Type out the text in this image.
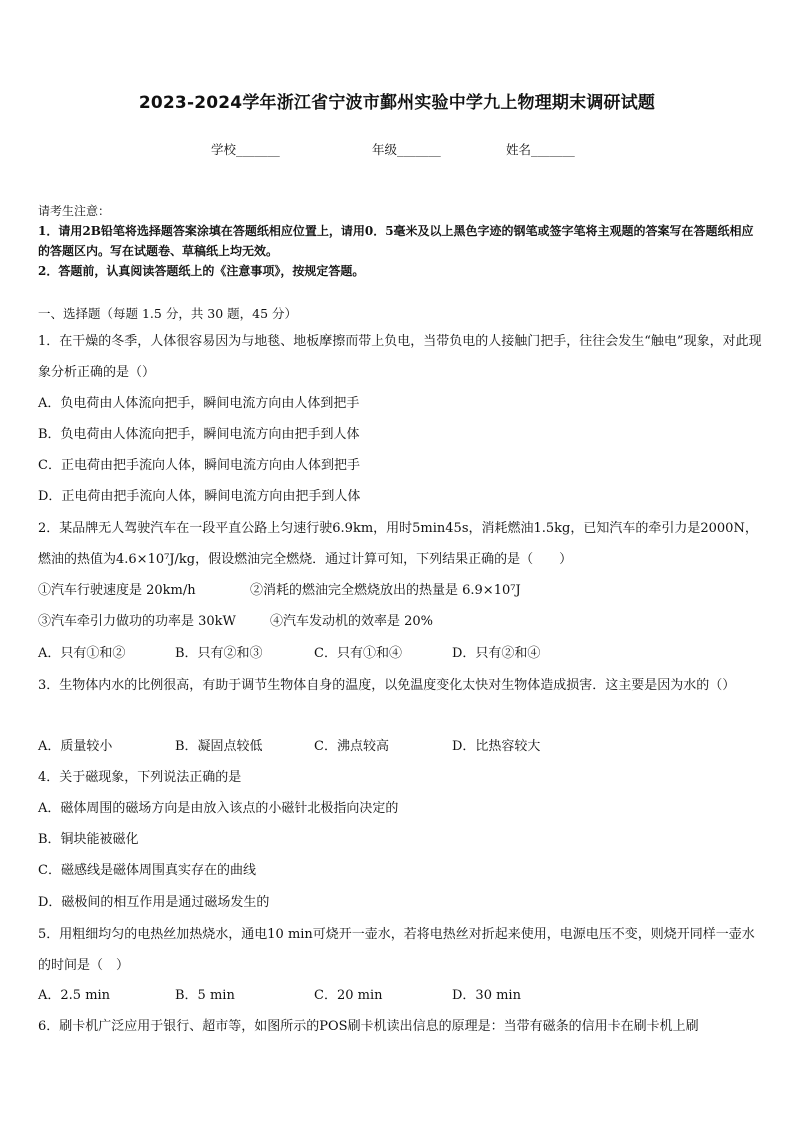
2023-2024学年浙江省宁波市鄞州实验中学九上物理期末调研试题
学校_______	年级_______	姓名_______
请考生注意：
1．请用2B铅笔将选择题答案涂填在答题纸相应位置上，请用0．5毫米及以上黑色字迹的钢笔或签字笔将主观题的答案写在答题纸相应的答题区内。写在试题卷、草稿纸上均无效。
2．答题前，认真阅读答题纸上的《注意事项》，按规定答题。
一、选择题（每题 1.5 分，共 30 题，45 分）
1．在干燥的冬季，人体很容易因为与地毯、地板摩擦而带上负电，当带负电的人接触门把手，往往会发生“触电”现象，对此现象分析正确的是（）
A．负电荷由人体流向把手，瞬间电流方向由人体到把手
B．负电荷由人体流向把手，瞬间电流方向由把手到人体
C．正电荷由把手流向人体，瞬间电流方向由人体到把手
D．正电荷由把手流向人体，瞬间电流方向由把手到人体
2．某品牌无人驾驶汽车在一段平直公路上匀速行驶6.9km，用时5min45s，消耗燃油1.5kg，已知汽车的牵引力是2000N，燃油的热值为4.6×10⁷J/kg，假设燃油完全燃烧．通过计算可知，下列结果正确的是（　　）
①汽车行驶速度是 20km/h	②消耗的燃油完全燃烧放出的热量是 6.9×10⁷J
③汽车牵引力做功的功率是 30kW	④汽车发动机的效率是 20%
A．只有①和②	B．只有②和③	C．只有①和④	D．只有②和④
3．生物体内水的比例很高，有助于调节生物体自身的温度，以免温度变化太快对生物体造成损害．这主要是因为水的（）
A．质量较小	B．凝固点较低	C．沸点较高	D．比热容较大
4．关于磁现象，下列说法正确的是
A．磁体周围的磁场方向是由放入该点的小磁针北极指向决定的
B．铜块能被磁化
C．磁感线是磁体周围真实存在的曲线
D．磁极间的相互作用是通过磁场发生的
5．用粗细均匀的电热丝加热烧水，通电10 min可烧开一壶水，若将电热丝对折起来使用，电源电压不变，则烧开同样一壶水的时间是（　）
A．2.5 min	B．5 min	C．20 min	D．30 min
6．刷卡机广泛应用于银行、超市等，如图所示的POS刷卡机读出信息的原理是：当带有磁条的信用卡在刷卡机上刷
